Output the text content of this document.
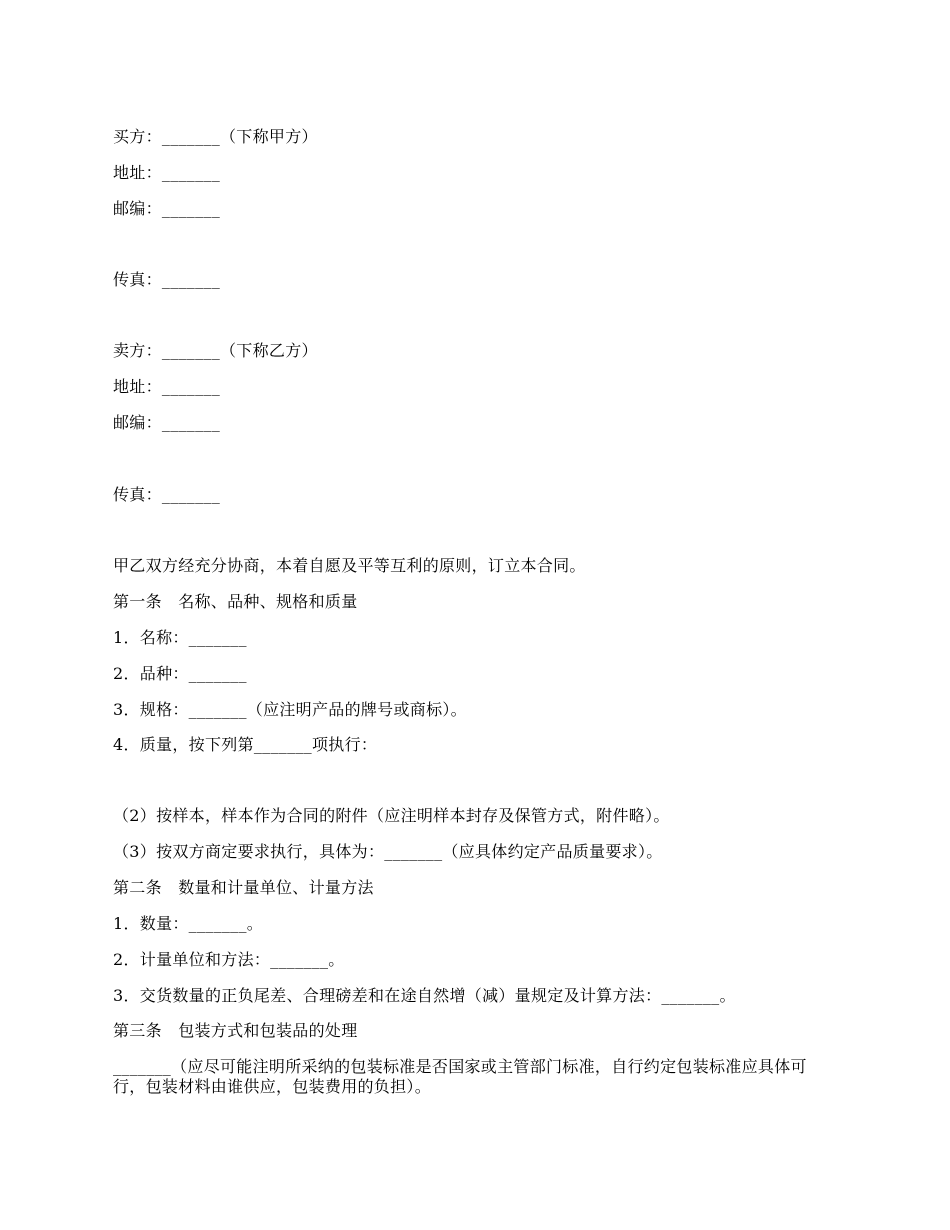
买方：_______（下称甲方）
地址：_______
邮编：_______
传真：_______
卖方：_______（下称乙方）
地址：_______
邮编：_______
传真：_______
甲乙双方经充分协商，本着自愿及平等互利的原则，订立本合同。
第一条　名称、品种、规格和质量
1．名称：_______
2．品种：_______
3．规格：_______（应注明产品的牌号或商标）。
4．质量，按下列第_______项执行：
（2）按样本，样本作为合同的附件（应注明样本封存及保管方式，附件略）。
（3）按双方商定要求执行，具体为：_______（应具体约定产品质量要求）。
第二条　数量和计量单位、计量方法
1．数量：_______。
2．计量单位和方法：_______。
3．交货数量的正负尾差、合理磅差和在途自然增（减）量规定及计算方法：_______。
第三条　包装方式和包装品的处理
_______（应尽可能注明所采纳的包装标准是否国家或主管部门标准，自行约定包装标准应具体可行，包装材料由谁供应，包装费用的负担）。
